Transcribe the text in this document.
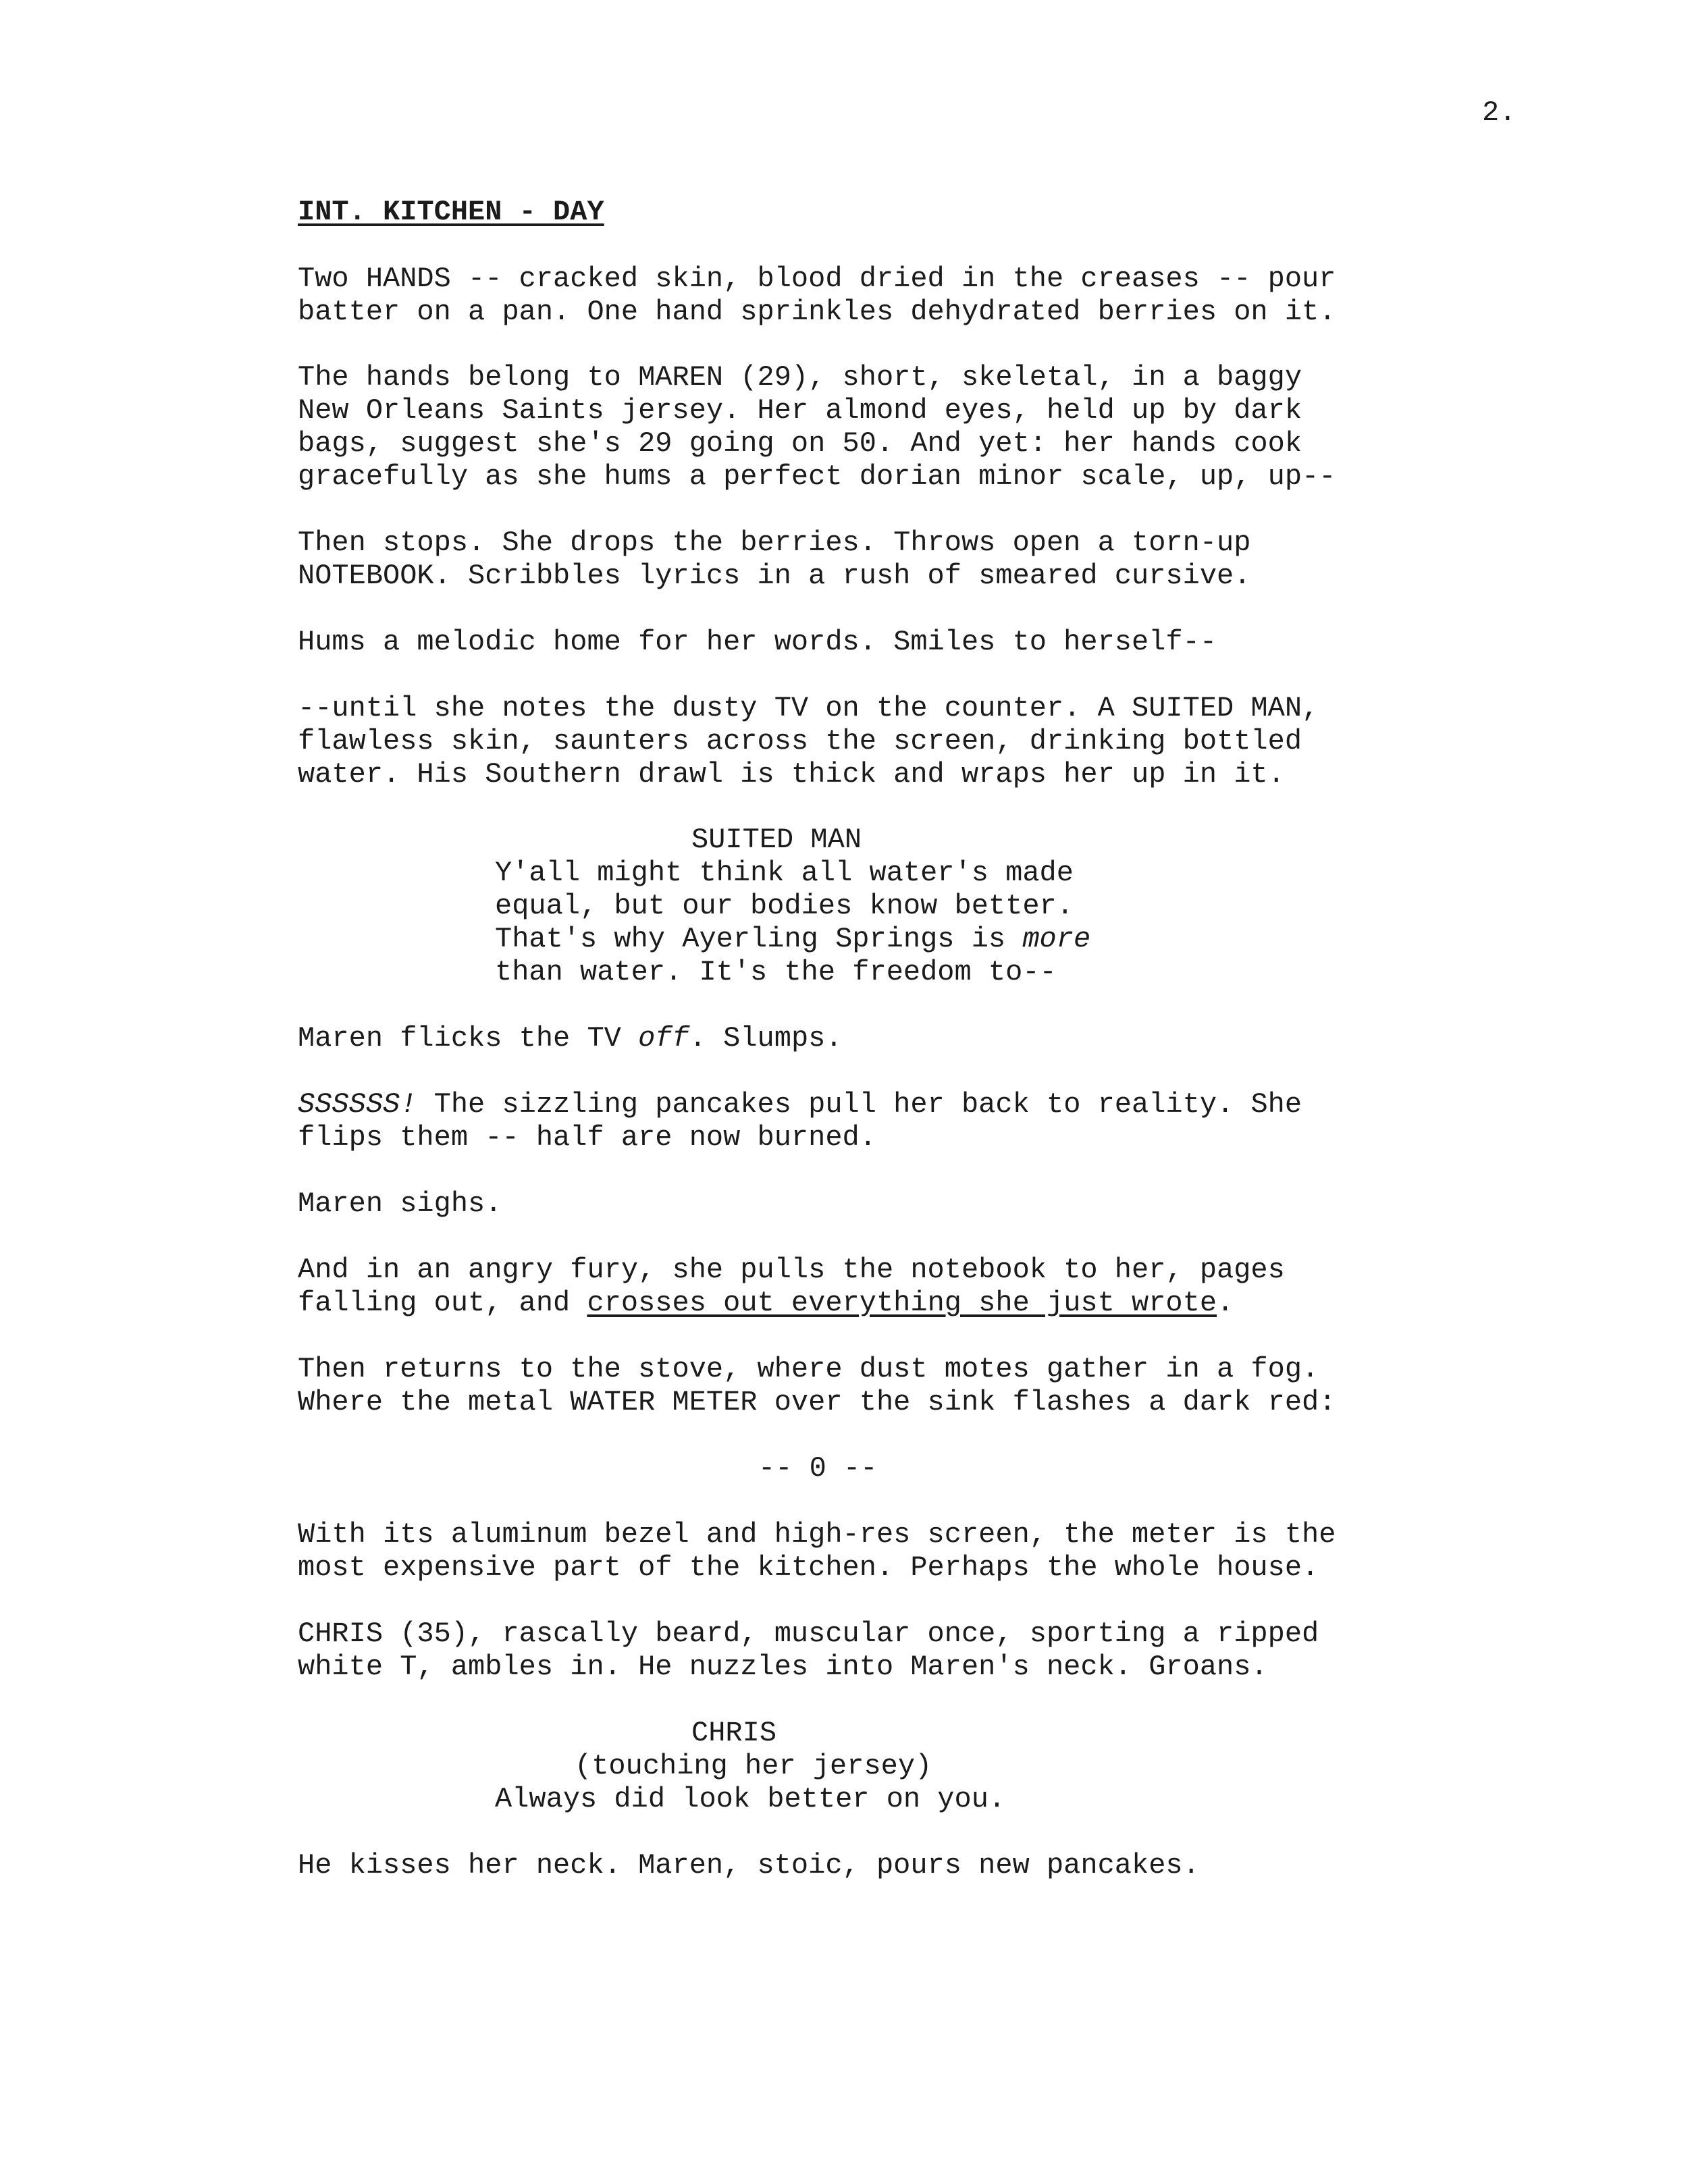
2.
INT. KITCHEN - DAY
Two HANDS -- cracked skin, blood dried in the creases -- pour
batter on a pan. One hand sprinkles dehydrated berries on it.
The hands belong to MAREN (29), short, skeletal, in a baggy
New Orleans Saints jersey. Her almond eyes, held up by dark
bags, suggest she's 29 going on 50. And yet: her hands cook
gracefully as she hums a perfect dorian minor scale, up, up--
Then stops. She drops the berries. Throws open a torn-up
NOTEBOOK. Scribbles lyrics in a rush of smeared cursive.
Hums a melodic home for her words. Smiles to herself--
--until she notes the dusty TV on the counter. A SUITED MAN,
flawless skin, saunters across the screen, drinking bottled
water. His Southern drawl is thick and wraps her up in it.
SUITED MAN
Y'all might think all water's made
equal, but our bodies know better.
That's why Ayerling Springs is more
than water. It's the freedom to--
Maren flicks the TV off. Slumps.
SSSSSS! The sizzling pancakes pull her back to reality. She
flips them -- half are now burned.
Maren sighs.
And in an angry fury, she pulls the notebook to her, pages
falling out, and crosses out everything she just wrote.
Then returns to the stove, where dust motes gather in a fog.
Where the metal WATER METER over the sink flashes a dark red:
-- 0 --
With its aluminum bezel and high-res screen, the meter is the
most expensive part of the kitchen. Perhaps the whole house.
CHRIS (35), rascally beard, muscular once, sporting a ripped
white T, ambles in. He nuzzles into Maren's neck. Groans.
CHRIS
(touching her jersey)
Always did look better on you.
He kisses her neck. Maren, stoic, pours new pancakes.
